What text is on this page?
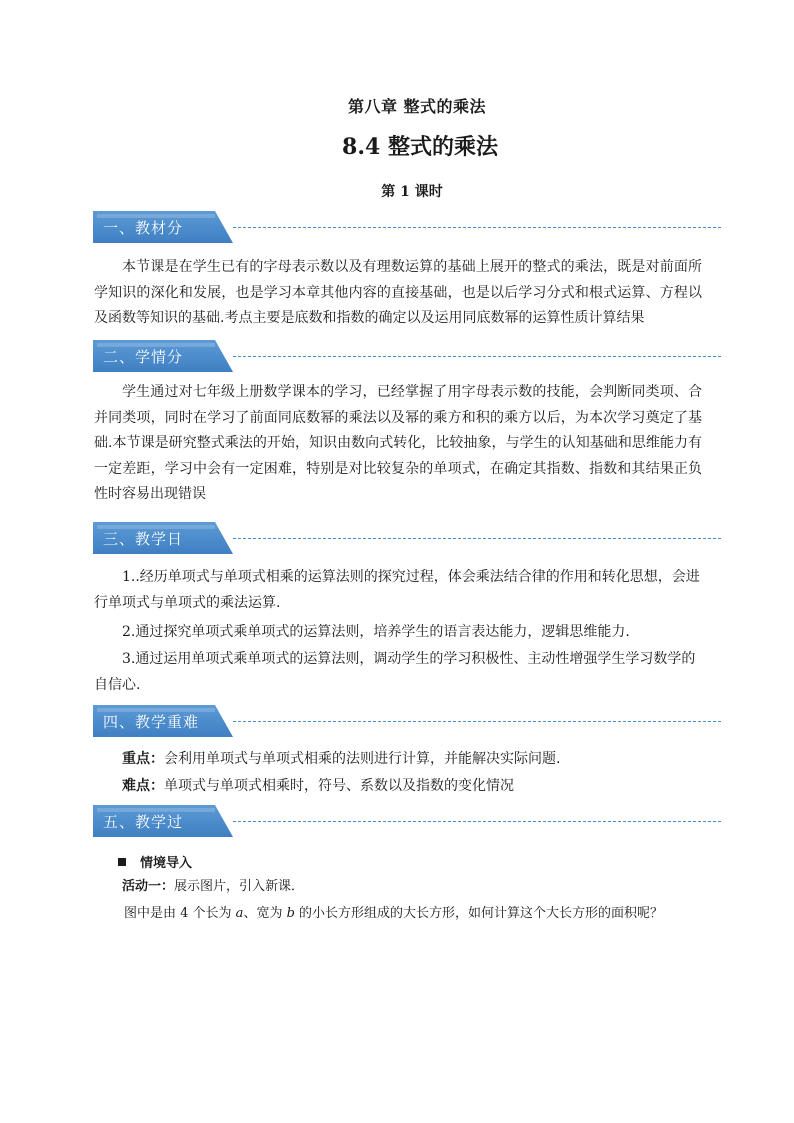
第八章 整式的乘法
8.4 整式的乘法
第 1 课时
一、教材分
本节课是在学生已有的字母表示数以及有理数运算的基础上展开的整式的乘法，既是对前面所学知识的深化和发展，也是学习本章其他内容的直接基础，也是以后学习分式和根式运算、方程以及函数等知识的基础.考点主要是底数和指数的确定以及运用同底数幂的运算性质计算结果
二、学情分
学生通过对七年级上册数学课本的学习，已经掌握了用字母表示数的技能，会判断同类项、合并同类项，同时在学习了前面同底数幂的乘法以及幂的乘方和积的乘方以后，为本次学习奠定了基础.本节课是研究整式乘法的开始，知识由数向式转化，比较抽象，与学生的认知基础和思维能力有一定差距，学习中会有一定困难，特别是对比较复杂的单项式，在确定其指数、指数和其结果正负性时容易出现错误
三、教学日
1..经历单项式与单项式相乘的运算法则的探究过程，体会乘法结合律的作用和转化思想，会进行单项式与单项式的乘法运算.
2.通过探究单项式乘单项式的运算法则，培养学生的语言表达能力，逻辑思维能力.
3.通过运用单项式乘单项式的运算法则，调动学生的学习积极性、主动性增强学生学习数学的自信心.
四、教学重难
重点：会利用单项式与单项式相乘的法则进行计算，并能解决实际问题.
难点：单项式与单项式相乘时，符号、系数以及指数的变化情况
五、教学过
情境导入
活动一：展示图片，引入新课．
图中是由 4 个长为 a、宽为 b 的小长方形组成的大长方形，如何计算这个大长方形的面积呢？
